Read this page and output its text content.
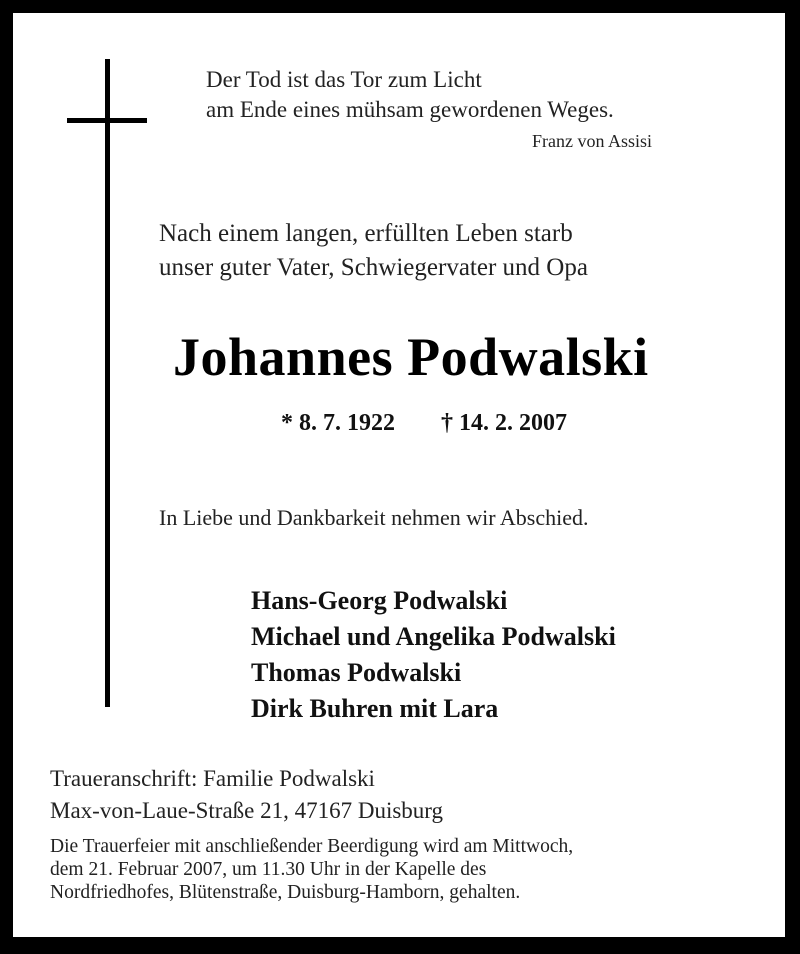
Der Tod ist das Tor zum Licht
am Ende eines mühsam gewordenen Weges.
Franz von Assisi
Nach einem langen, erfüllten Leben starb
unser guter Vater, Schwiegervater und Opa
Johannes Podwalski
* 8. 7. 1922 † 14. 2. 2007
In Liebe und Dankbarkeit nehmen wir Abschied.
Hans-Georg Podwalski
Michael und Angelika Podwalski
Thomas Podwalski
Dirk Buhren mit Lara
Traueranschrift: Familie Podwalski
Max-von-Laue-Straße 21, 47167 Duisburg
Die Trauerfeier mit anschließender Beerdigung wird am Mittwoch,
dem 21. Februar 2007, um 11.30 Uhr in der Kapelle des
Nordfriedhofes, Blütenstraße, Duisburg-Hamborn, gehalten.
